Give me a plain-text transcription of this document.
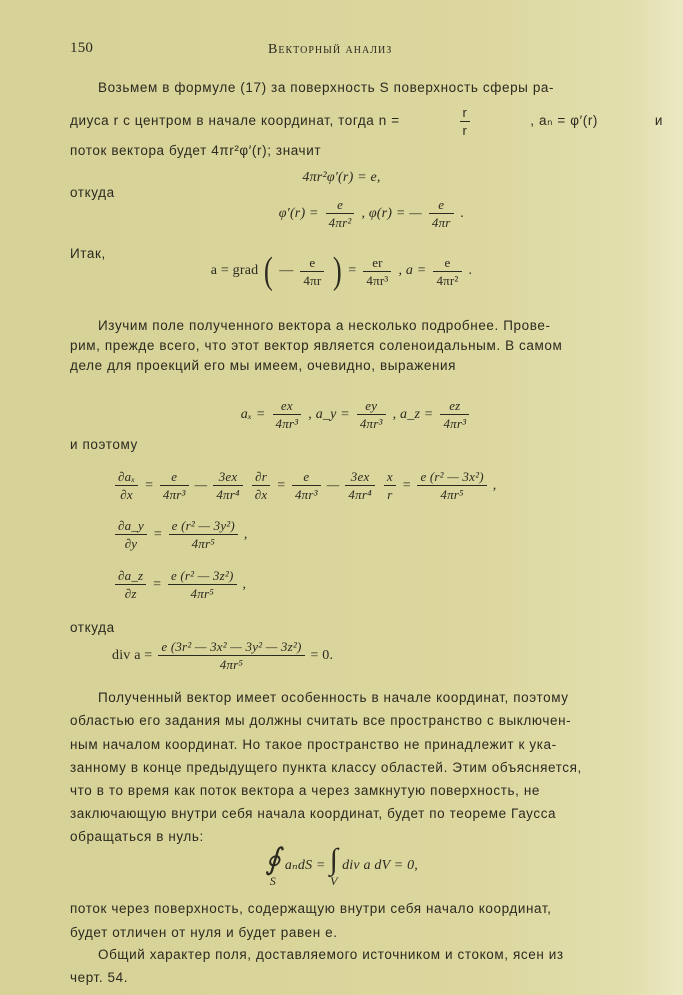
150	Векторный анализ
Возьмем в формуле (17) за поверхность S поверхность сферы ра-
диуса r с центром в начале координат, тогда n =	$\frac{r}{r}$	, aₙ = φ′(r)	и
поток вектора будет 4πr²φ′(r); значит
4πr²φ′(r) = e,
откуда
$\varphi'(r) = \frac{e}{\text{4πr²}}$ , φ(r) = — $\frac{e}{4\pi r}$ .
Итак,
a = grad ( — $\frac{e}{4\pi r}$ ) = $\frac{er}{\text{4πr³}}$ , $a = \frac{e}{\text{4πr²}}$ .
Изучим поле полученного вектора a несколько подробнее. Прове-
рим, прежде всего, что этот вектор является соленоидальным. В самом
деле для проекций его мы имеем, очевидно, выражения
$a_x = \frac{ex}{\text{4πr³}}$ , a_y = $\frac{ey}{\text{4πr³}}$ , a_z = $\frac{ez}{\text{4πr³}}$
и поэтому
$\frac{\text{∂aₓ}}{\partial x} = \frac{e}{\text{4πr³}}$ — $\frac{3ex}{\text{4πr⁴}} \frac{\partial r}{\partial x} = \frac{e}{\text{4πr³}}$ — $\frac{3ex}{\text{4πr⁴}} \frac{x}{r} = \frac{\text{e (r² — 3x²)}}{\text{4πr⁵}}$ ,
$\frac{\partial a\_y}{\partial y} = \frac{\text{e (r² — 3y²)}}{\text{4πr⁵}}$ ,
$\frac{\partial a\_z}{\partial z} = \frac{\text{e (r² — 3z²)}}{\text{4πr⁵}}$ ,
откуда
div $a = \frac{\text{e (3r² — 3x² — 3y² — 3z²)}}{\text{4πr⁵}} = 0$.
Полученный вектор имеет особенность в начале координат, поэтому
областью его задания мы должны считать все пространство с выключен-
ным началом координат. Но такое пространство не принадлежит к ука-
занному в конце предыдущего пункта классу областей. Этим объясняется,
что в то время как поток вектора a через замкнутую поверхность, не
заключающую внутри себя начала координат, будет по теореме Гаусса
обращаться в нуль:
∮
S
aₙdS = ∫
V
div a dV = 0,
поток через поверхность, содержащую внутри себя начало координат,
будет отличен от нуля и будет равен e.
Общий характер поля, доставляемого источником и стоком, ясен из
черт. 54.
